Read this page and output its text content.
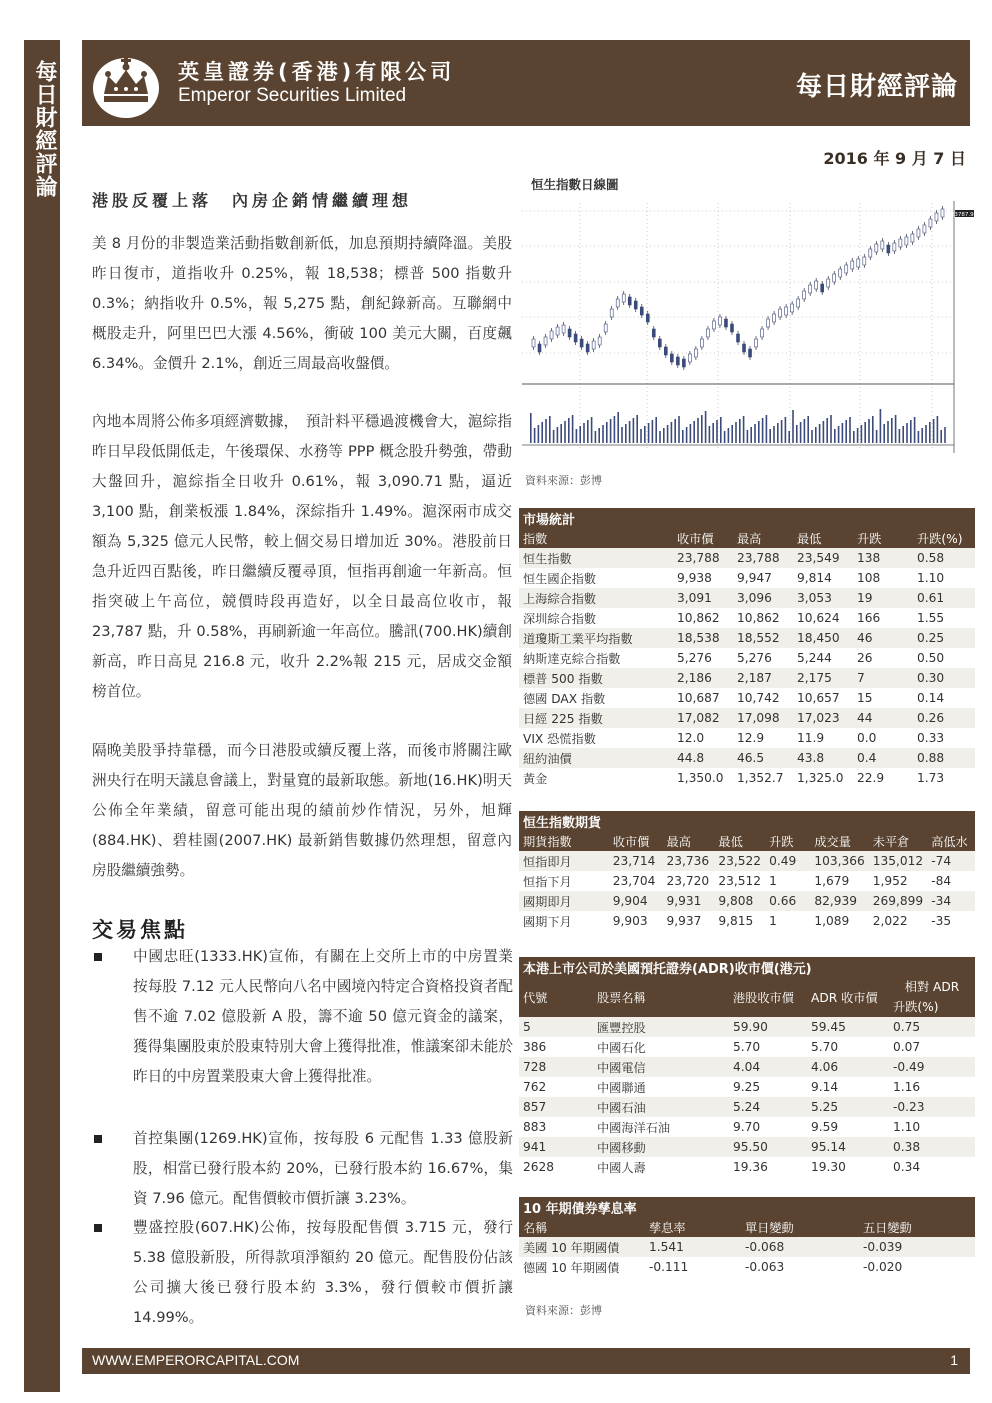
每日財經評論	英皇證券(香港)有限公司
Emperor Securities Limited	每日財經評論
2016 年 9 月 7 日
港股反覆上落　內房企銷情繼續理想
美 8 月份的非製造業活動指數創新低，加息預期持續降溫。美股昨日復市，道指收升 0.25%，報 18,538；標普 500 指數升 0.3%；納指收升 0.5%，報 5,275 點，創紀錄新高。互聯網中概股走升，阿里巴巴大漲 4.56%，衝破 100 美元大關，百度飆 6.34%。金價升 2.1%，創近三周最高收盤價。
內地本周將公佈多項經濟數據，　預計料平穩過渡機會大，滬綜指昨日早段低開低走，午後環保、水務等 PPP 概念股升勢強，帶動大盤回升，滬綜指全日收升 0.61%，報 3,090.71 點，逼近 3,100 點，創業板漲 1.84%，深綜指升 1.49%。滬深兩市成交額為 5,325 億元人民幣，較上個交易日增加近 30%。港股前日急升近四百點後，昨日繼續反覆尋頂，恒指再創逾一年新高。恒指突破上午高位，競價時段再造好，以全日最高位收市，報 23,787 點，升 0.58%，再刷新逾一年高位。騰訊(700.HK)續創新高，昨日高見 216.8 元，收升 2.2%報 215 元，居成交金額榜首位。
隔晚美股爭持靠穩，而今日港股或續反覆上落，而後市將關注歐洲央行在明天議息會議上，對量寬的最新取態。新地(16.HK)明天公佈全年業績，留意可能出現的績前炒作情況，另外，旭輝(884.HK)、碧桂園(2007.HK) 最新銷售數據仍然理想，留意內房股繼續強勢。
交易焦點
中國忠旺(1333.HK)宣佈，有關在上交所上市的中房置業按每股 7.12 元人民幣向八名中國境內特定合資格投資者配售不逾 7.02 億股新 A 股，籌不逾 50 億元資金的議案，獲得集團股東於股東特別大會上獲得批准，惟議案卻未能於昨日的中房置業股東大會上獲得批准。
首控集團(1269.HK)宣佈，按每股 6 元配售 1.33 億股新股，相當已發行股本約 20%，已發行股本約 16.67%，集資 7.96 億元。配售價較市價折讓 3.23%。
豐盛控股(607.HK)公佈，按每股配售價 3.715 元，發行 5.38 億股新股，所得款項淨額約 20 億元。配售股份佔該公司擴大後已發行股本約 3.3%，發行價較市價折讓 14.99%。
恒生指數日線圖
23787.92
資料來源：彭博
市場統計					
指數	收市價	最高	最低	升跌	升跌(%)
恒生指數	23,788	23,788	23,549	138	0.58
恒生國企指數	9,938	9,947	9,814	108	1.10
上海綜合指數	3,091	3,096	3,053	19	0.61
深圳綜合指數	10,862	10,862	10,624	166	1.55
道瓊斯工業平均指數	18,538	18,552	18,450	46	0.25
納斯達克綜合指數	5,276	5,276	5,244	26	0.50
標普 500 指數	2,186	2,187	2,175	7	0.30
德國 DAX 指數	10,687	10,742	10,657	15	0.14
日經 225 指數	17,082	17,098	17,023	44	0.26
VIX 恐慌指數	12.0	12.9	11.9	0.0	0.33
紐約油價	44.8	46.5	43.8	0.4	0.88
黃金	1,350.0	1,352.7	1,325.0	22.9	1.73
恒生指數期貨							
期貨指數	收市價	最高	最低	升跌	成交量	未平倉	高低水
恒指即月	23,714	23,736	23,522	0.49	103,366	135,012	-74
恒指下月	23,704	23,720	23,512	1	1,679	1,952	-84
國期即月	9,904	9,931	9,808	0.66	82,939	269,899	-34
國期下月	9,903	9,937	9,815	1	1,089	2,022	-35
本港上市公司於美國預托證券(ADR)收市價(港元)				
代號	股票名稱	港股收市價	ADR 收市價	相對 ADR
升跌(%)

5	匯豐控股	59.90	59.45	0.75
386	中國石化	5.70	5.70	0.07
728	中國電信	4.04	4.06	-0.49
762	中國聯通	9.25	9.14	1.16
857	中國石油	5.24	5.25	-0.23
883	中國海洋石油	9.70	9.59	1.10
941	中國移動	95.50	95.14	0.38
2628	中國人壽	19.36	19.30	0.34
10 年期債券孳息率			
名稱	孳息率	單日變動	五日變動
美國 10 年期國債	1.541	-0.068	-0.039
德國 10 年期國債	-0.111	-0.063	-0.020
資料來源：彭博
WWW.EMPERORCAPITAL.COM	1
